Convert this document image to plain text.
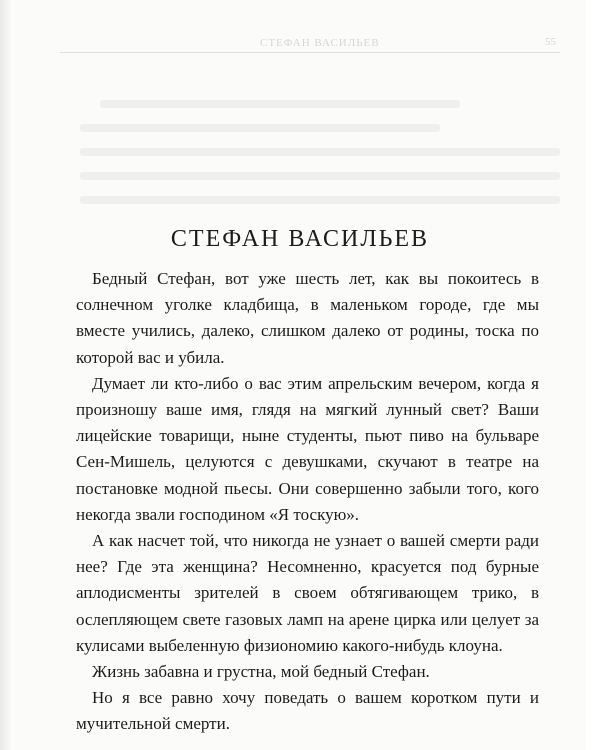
СТЕФАН ВАСИЛЬЕВ	55
СТЕФАН ВАСИЛЬЕВ

Бедный Стефан, вот уже шесть лет, как вы покоитесь в солнечном уголке кладбища, в маленьком городе, где мы вместе учились, далеко, слишком далеко от родины, тоска по которой вас и убила.

Думает ли кто-либо о вас этим апрельским вечером, когда я произношу ваше имя, глядя на мягкий лунный свет? Ваши лицейские товарищи, ныне студенты, пьют пиво на бульваре Сен-Мишель, целуются с девушками, скучают в театре на постановке модной пьесы. Они совершенно забыли того, кого некогда звали господином «Я тоскую».

А как насчет той, что никогда не узнает о вашей смерти ради нее? Где эта женщина? Несомненно, красуется под бурные аплодисменты зрителей в своем обтягивающем трико, в ослепляющем свете газовых ламп на арене цирка или целует за кулисами выбеленную физиономию какого-нибудь клоуна.

Жизнь забавна и грустна, мой бедный Стефан.

Но я все равно хочу поведать о вашем коротком пути и мучительной смерти.
